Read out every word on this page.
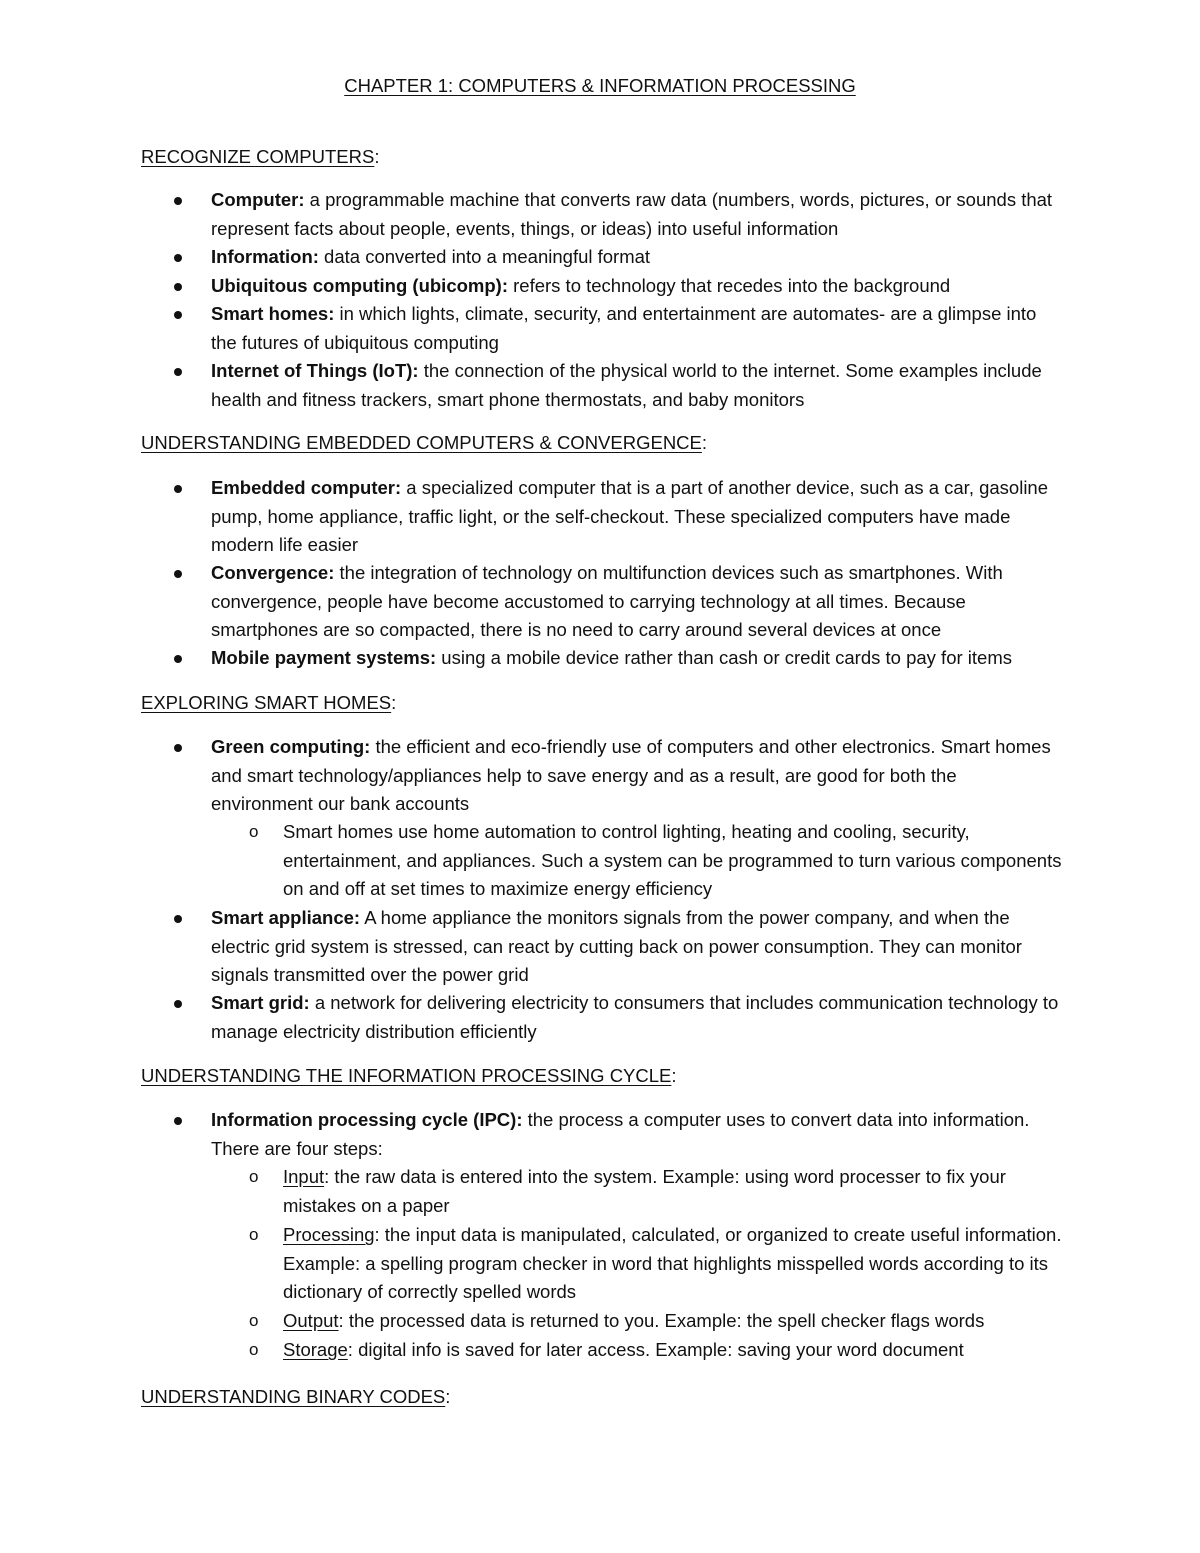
CHAPTER 1: COMPUTERS & INFORMATION PROCESSING
RECOGNIZE COMPUTERS:
Computer: a programmable machine that converts raw data (numbers, words, pictures, or sounds that represent facts about people, events, things, or ideas) into useful information
Information: data converted into a meaningful format
Ubiquitous computing (ubicomp): refers to technology that recedes into the background
Smart homes: in which lights, climate, security, and entertainment are automates- are a glimpse into the futures of ubiquitous computing
Internet of Things (IoT): the connection of the physical world to the internet. Some examples include health and fitness trackers, smart phone thermostats, and baby monitors
UNDERSTANDING EMBEDDED COMPUTERS & CONVERGENCE:
Embedded computer: a specialized computer that is a part of another device, such as a car, gasoline pump, home appliance, traffic light, or the self-checkout. These specialized computers have made modern life easier
Convergence: the integration of technology on multifunction devices such as smartphones. With convergence, people have become accustomed to carrying technology at all times. Because smartphones are so compacted, there is no need to carry around several devices at once
Mobile payment systems: using a mobile device rather than cash or credit cards to pay for items
EXPLORING SMART HOMES:
Green computing: the efficient and eco-friendly use of computers and other electronics. Smart homes and smart technology/appliances help to save energy and as a result, are good for both the environment our bank accounts
o Smart homes use home automation to control lighting, heating and cooling, security, entertainment, and appliances. Such a system can be programmed to turn various components on and off at set times to maximize energy efficiency
Smart appliance: A home appliance the monitors signals from the power company, and when the electric grid system is stressed, can react by cutting back on power consumption. They can monitor signals transmitted over the power grid
Smart grid: a network for delivering electricity to consumers that includes communication technology to manage electricity distribution efficiently
UNDERSTANDING THE INFORMATION PROCESSING CYCLE:
Information processing cycle (IPC): the process a computer uses to convert data into information. There are four steps:
o Input: the raw data is entered into the system. Example: using word processer to fix your mistakes on a paper
o Processing: the input data is manipulated, calculated, or organized to create useful information. Example: a spelling program checker in word that highlights misspelled words according to its dictionary of correctly spelled words
o Output: the processed data is returned to you. Example: the spell checker flags words
o Storage: digital info is saved for later access. Example: saving your word document
UNDERSTANDING BINARY CODES:
